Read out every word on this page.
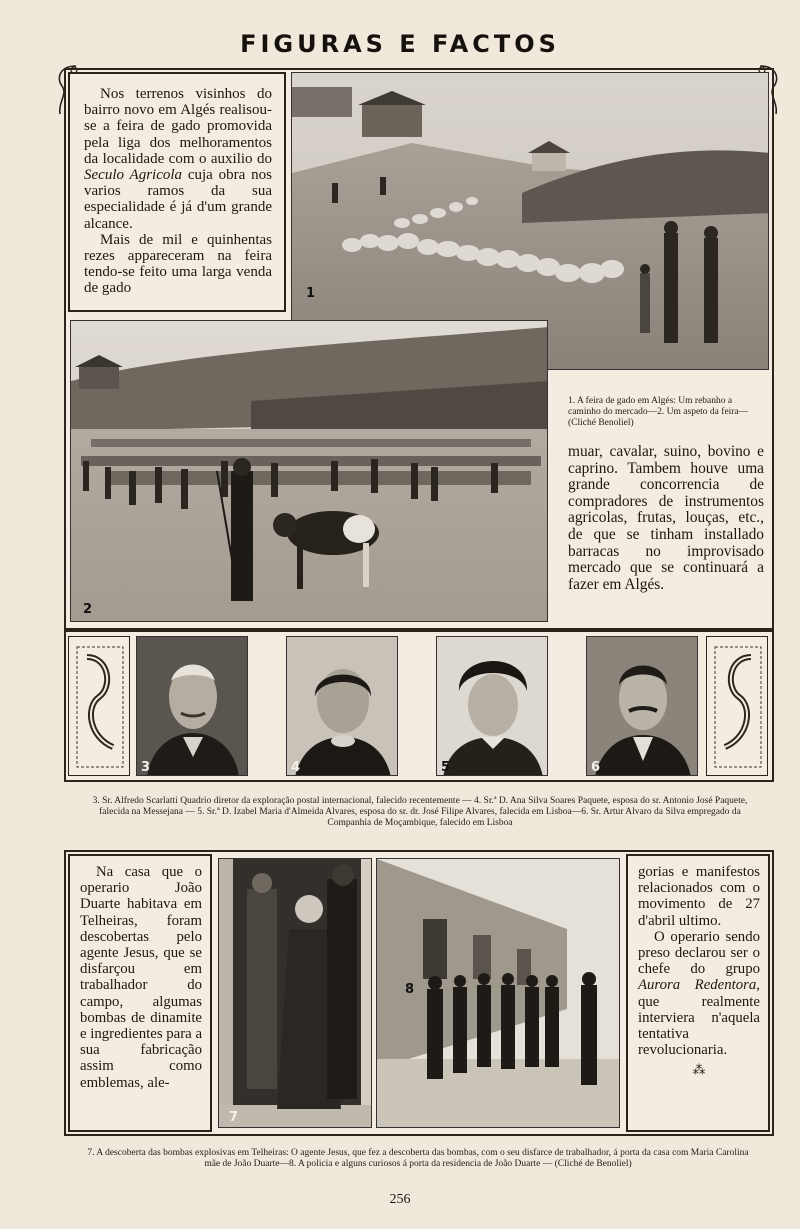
FIGURAS E FACTOS

Nos terrenos visinhos do bairro novo em Algés realisou-se a feira de gado promovida pela liga dos melhoramentos da localidade com o auxilio do Seculo Agricola cuja obra nos varios ramos da sua especialidade é já d'um grande alcance.

Mais de mil e quinhentas rezes appareceram na feira tendo-se feito uma larga venda de gado	1
2
1. A feira de gado em Algés: Um rebanho a caminho do mercado—2. Um aspeto da feira—(Cliché Benoliel)
muar, cavalar, suino, bovino e caprino. Tambem houve uma grande concorrencia de compradores de instrumentos agricolas, frutas, louças, etc., de que se tinham installado barracas no improvisado mercado que se continuará a fazer em Algés.
3	4	5	6
3. Sr. Alfredo Scarlatti Quadrio diretor da exploração postal internacional, falecido recentemente — 4. Sr.ª D. Ana Silva Soares Paquete, esposa do sr. Antonio José Paquete, falecida na Messejana — 5. Sr.ª D. Izabel Maria d'Almeida Alvares, esposa do sr. dr. José Filipe Alvares, falecida em Lisboa—6. Sr. Artur Alvaro da Silva empregado da Companhia de Moçambique, falecido em Lisboa

Na casa que o operario João Duarte habitava em Telheiras, foram descobertas pelo agente Jesus, que se disfarçou em trabalhador do campo, algumas bombas de dinamite e ingredientes para a sua fabricação assim como emblemas, ale-

7
8

gorias e manifestos relacionados com o movimento de 27 d'abril ultimo.

O operario sendo preso declarou ser o chefe do grupo Aurora Redentora, que realmente interviera n'aquela tentativa revolucionaria.

⁂
7. A descoberta das bombas explosivas em Telheiras: O agente Jesus, que fez a descoberta das bombas, com o seu disfarce de trabalhador, á porta da casa com Maria Carolina mãe de João Duarte—8. A policia e alguns curiosos á porta da residencia de João Duarte — (Cliché de Benoliel)
256
